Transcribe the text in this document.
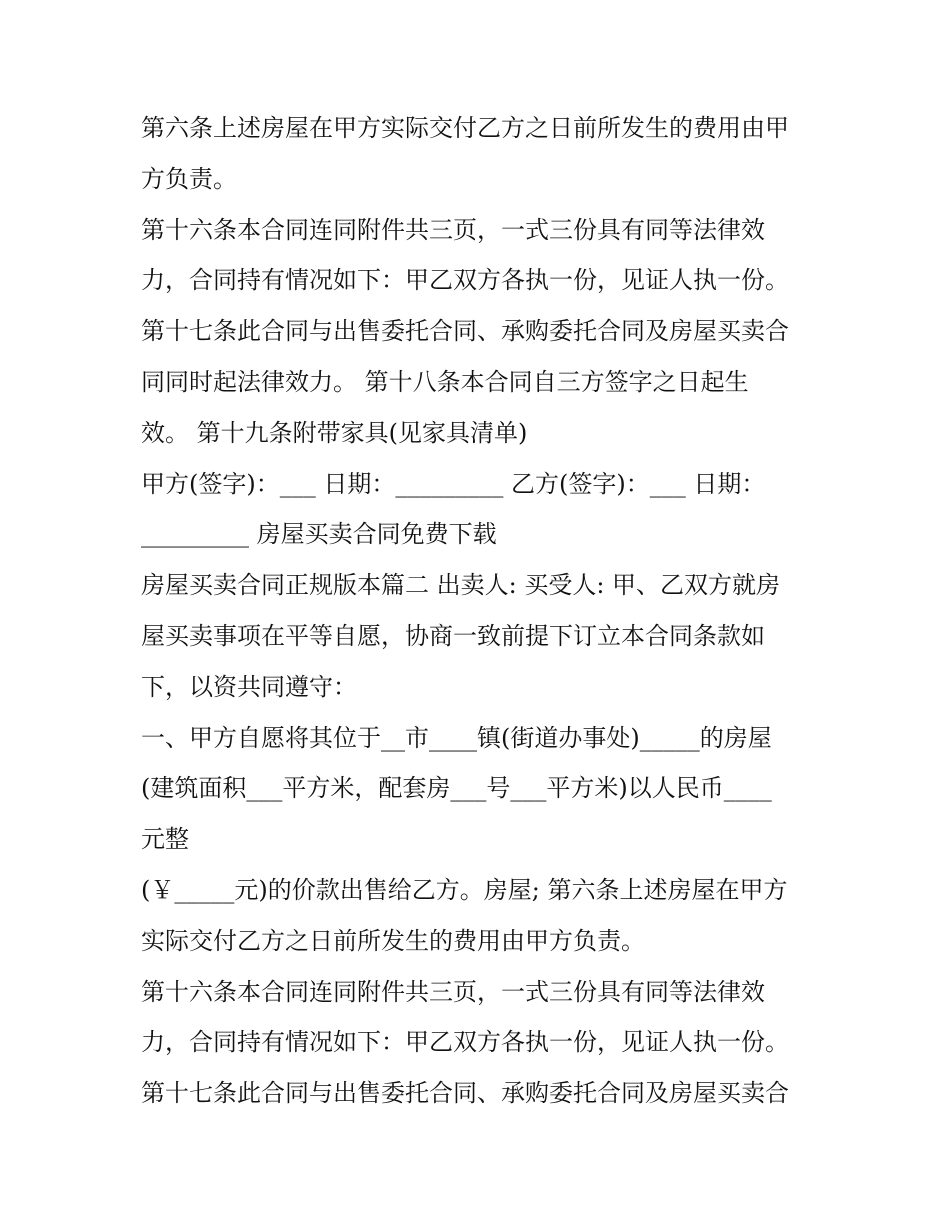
第六条上述房屋在甲方实际交付乙方之日前所发生的费用由甲

方负责。

第十六条本合同连同附件共三页，一式三份具有同等法律效

力，合同持有情况如下：甲乙双方各执一份，见证人执一份。

第十七条此合同与出售委托合同、承购委托合同及房屋买卖合

同同时起法律效力。 第十八条本合同自三方签字之日起生

效。 第十九条附带家具(见家具清单)

甲方(签字)：___ 日期：_________ 乙方(签字)：___ 日期：

_________ 房屋买卖合同免费下载

房屋买卖合同正规版本篇二 出卖人: 买受人: 甲、乙双方就房

屋买卖事项在平等自愿，协商一致前提下订立本合同条款如

下，以资共同遵守：

一、甲方自愿将其位于__市____镇(街道办事处)_____的房屋

(建筑面积___平方米，配套房___号___平方米)以人民币____

元整

(￥_____元)的价款出售给乙方。房屋; 第六条上述房屋在甲方

实际交付乙方之日前所发生的费用由甲方负责。

第十六条本合同连同附件共三页，一式三份具有同等法律效

力，合同持有情况如下：甲乙双方各执一份，见证人执一份。

第十七条此合同与出售委托合同、承购委托合同及房屋买卖合
